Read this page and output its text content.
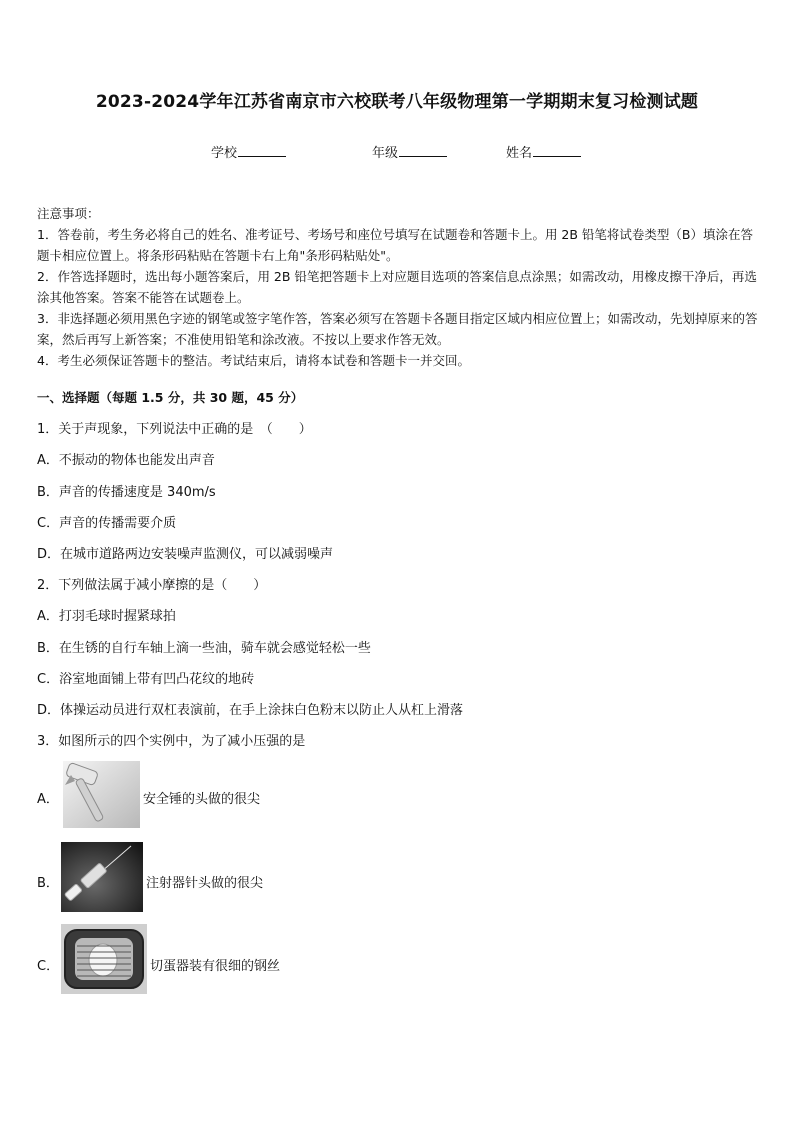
2023-2024学年江苏省南京市六校联考八年级物理第一学期期末复习检测试题
学校	年级	姓名

注意事项：

1．答卷前，考生务必将自己的姓名、准考证号、考场号和座位号填写在试题卷和答题卡上。用 2B 铅笔将试卷类型（B）填涂在答题卡相应位置上。将条形码粘贴在答题卡右上角"条形码粘贴处"。

2．作答选择题时，选出每小题答案后，用 2B 铅笔把答题卡上对应题目选项的答案信息点涂黑；如需改动，用橡皮擦干净后，再选涂其他答案。答案不能答在试题卷上。

3．非选择题必须用黑色字迹的钢笔或签字笔作答，答案必须写在答题卡各题目指定区域内相应位置上；如需改动，先划掉原来的答案，然后再写上新答案；不准使用铅笔和涂改液。不按以上要求作答无效。

4．考生必须保证答题卡的整洁。考试结束后，请将本试卷和答题卡一并交回。

一、选择题（每题 1.5 分，共 30 题，45 分）
1．关于声现象，下列说法中正确的是　（　　）
A．不振动的物体也能发出声音
B．声音的传播速度是 340m/s
C．声音的传播需要介质
D．在城市道路两边安装噪声监测仪，可以减弱噪声
2．下列做法属于减小摩擦的是（　　）
A．打羽毛球时握紧球拍
B．在生锈的自行车轴上滴一些油，骑车就会感觉轻松一些
C．浴室地面铺上带有凹凸花纹的地砖
D．体操运动员进行双杠表演前，在手上涂抹白色粉末以防止人从杠上滑落
3．如图所示的四个实例中，为了减小压强的是
A．	安全锤的头做的很尖
B．	注射器针头做的很尖
C．	切蛋器装有很细的钢丝
